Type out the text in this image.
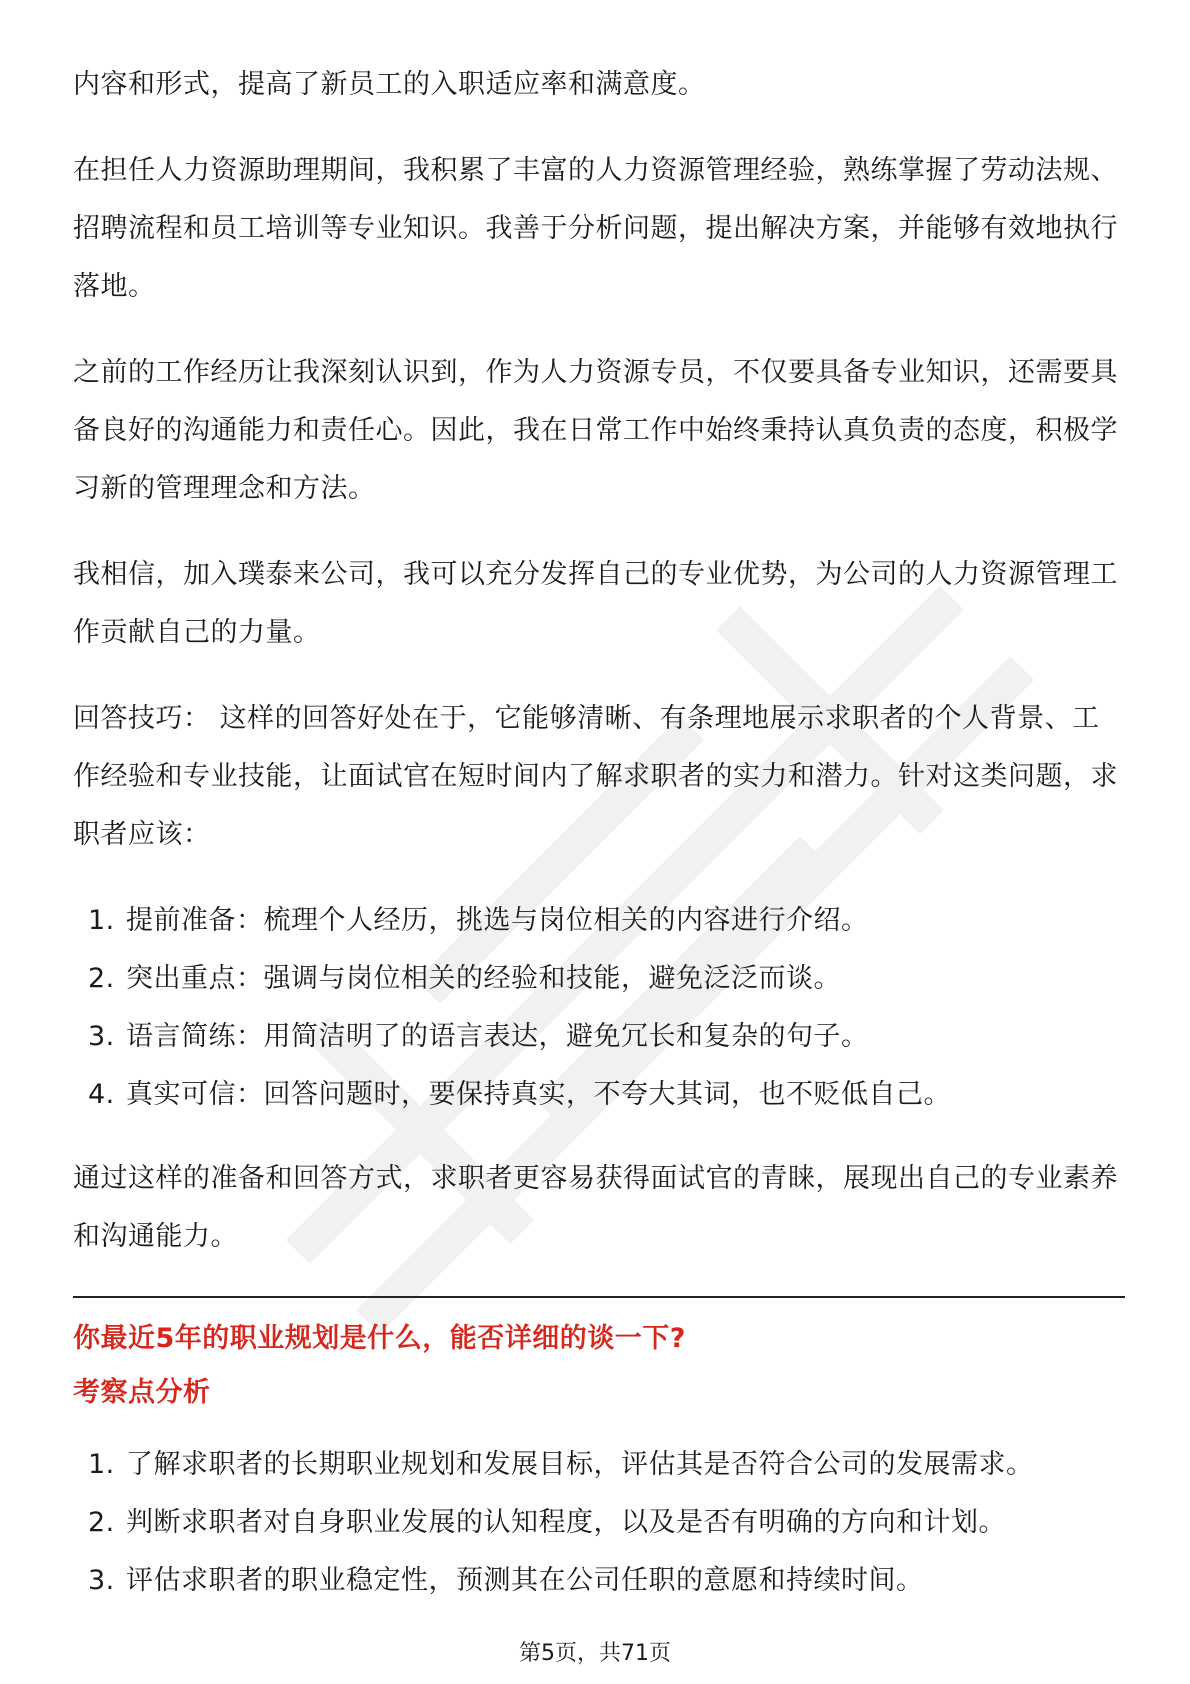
内容和形式，提高了新员工的入职适应率和满意度。

在担任人力资源助理期间，我积累了丰富的人力资源管理经验，熟练掌握了劳动法规、招聘流程和员工培训等专业知识。我善于分析问题，提出解决方案，并能够有效地执行落地。

之前的工作经历让我深刻认识到，作为人力资源专员，不仅要具备专业知识，还需要具备良好的沟通能力和责任心。因此，我在日常工作中始终秉持认真负责的态度，积极学习新的管理理念和方法。

我相信，加入璞泰来公司，我可以充分发挥自己的专业优势，为公司的人力资源管理工作贡献自己的力量。

回答技巧： 这样的回答好处在于，它能够清晰、有条理地展示求职者的个人背景、工作经验和专业技能，让面试官在短时间内了解求职者的实力和潜力。针对这类问题，求职者应该：

1. 提前准备：梳理个人经历，挑选与岗位相关的内容进行介绍。
2. 突出重点：强调与岗位相关的经验和技能，避免泛泛而谈。
3. 语言简练：用简洁明了的语言表达，避免冗长和复杂的句子。
4. 真实可信：回答问题时，要保持真实，不夸大其词，也不贬低自己。

通过这样的准备和回答方式，求职者更容易获得面试官的青睐，展现出自己的专业素养和沟通能力。

你最近5年的职业规划是什么，能否详细的谈一下?

考察点分析

1. 了解求职者的长期职业规划和发展目标，评估其是否符合公司的发展需求。
2. 判断求职者对自身职业发展的认知程度，以及是否有明确的方向和计划。
3. 评估求职者的职业稳定性，预测其在公司任职的意愿和持续时间。
第5页，共71页
